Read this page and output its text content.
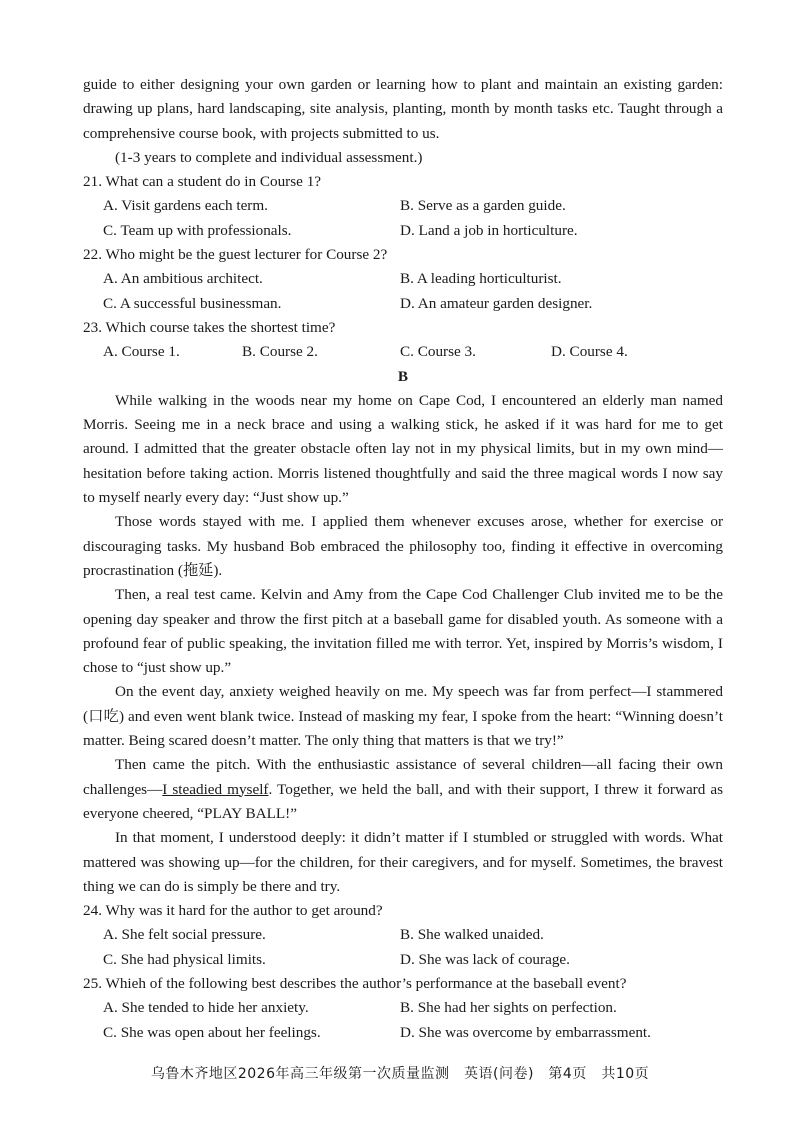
guide to either designing your own garden or learning how to plant and maintain an existing garden: drawing up plans, hard landscaping, site analysis, planting, month by month tasks etc. Taught through a comprehensive course book, with projects submitted to us.

(1-3 years to complete and individual assessment.)

21. What can a student do in Course 1?

A. Visit gardens each term.	B. Serve as a garden guide.
C. Team up with professionals.	D. Land a job in horticulture.

22. Who might be the guest lecturer for Course 2?

A. An ambitious architect.	B. A leading horticulturist.
C. A successful businessman.	D. An amateur garden designer.

23. Which course takes the shortest time?

A. Course 1.	B. Course 2.	C. Course 3.	D. Course 4.

B

While walking in the woods near my home on Cape Cod, I encountered an elderly man named Morris. Seeing me in a neck brace and using a walking stick, he asked if it was hard for me to get around. I admitted that the greater obstacle often lay not in my physical limits, but in my own mind—hesitation before taking action. Morris listened thoughtfully and said the three magical words I now say to myself nearly every day: “Just show up.”

Those words stayed with me. I applied them whenever excuses arose, whether for exercise or discouraging tasks. My husband Bob embraced the philosophy too, finding it effective in overcoming procrastination (拖延).

Then, a real test came. Kelvin and Amy from the Cape Cod Challenger Club invited me to be the opening day speaker and throw the first pitch at a baseball game for disabled youth. As someone with a profound fear of public speaking, the invitation filled me with terror. Yet, inspired by Morris’s wisdom, I chose to “just show up.”

On the event day, anxiety weighed heavily on me. My speech was far from perfect—I stammered (口吃) and even went blank twice. Instead of masking my fear, I spoke from the heart: “Winning doesn’t matter. Being scared doesn’t matter. The only thing that matters is that we try!”

Then came the pitch. With the enthusiastic assistance of several children—all facing their own challenges—I steadied myself. Together, we held the ball, and with their support, I threw it forward as everyone cheered, “PLAY BALL!”

In that moment, I understood deeply: it didn’t matter if I stumbled or struggled with words. What mattered was showing up—for the children, for their caregivers, and for myself. Sometimes, the bravest thing we can do is simply be there and try.

24. Why was it hard for the author to get around?

A. She felt social pressure.	B. She walked unaided.
C. She had physical limits.	D. She was lack of courage.

25. Whieh of the following best describes the author’s performance at the baseball event?

A. She tended to hide her anxiety.	B. She had her sights on perfection.
C. She was open about her feelings.	D. She was overcome by embarrassment.
乌鲁木齐地区2026年高三年级第一次质量监测　英语(问卷)　第4页　共10页
